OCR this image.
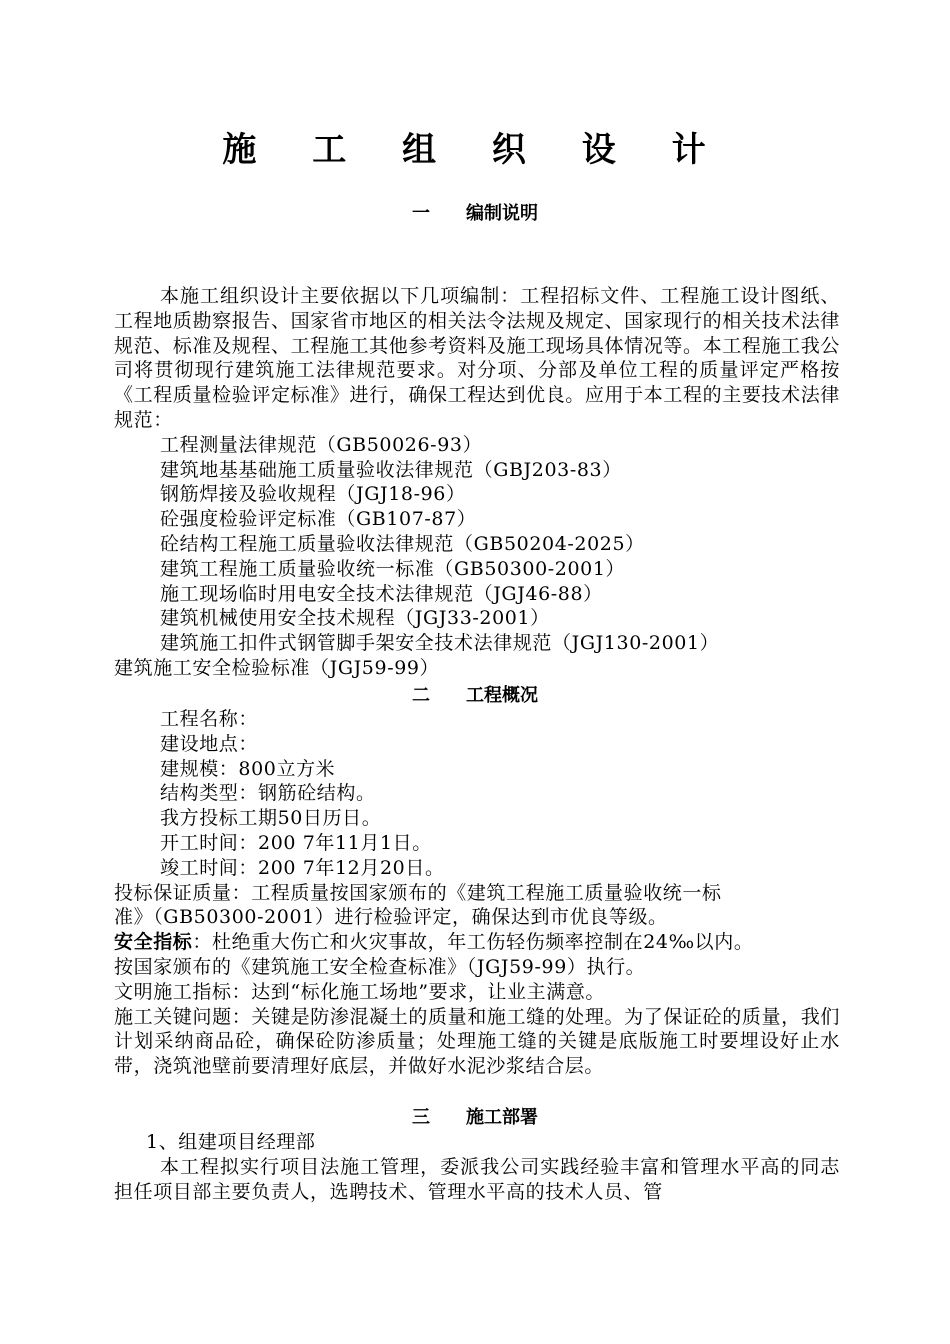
施 工 组 织 设 计
一 编制说明

本施工组织设计主要依据以下几项编制：工程招标文件、工程施工设计图纸、工程地质勘察报告、国家省市地区的相关法令法规及规定、国家现行的相关技术法律规范、标准及规程、工程施工其他参考资料及施工现场具体情况等。本工程施工我公司将贯彻现行建筑施工法律规范要求。对分项、分部及单位工程的质量评定严格按《工程质量检验评定标准》进行，确保工程达到优良。应用于本工程的主要技术法律规范：

工程测量法律规范（GB50026-93）
建筑地基基础施工质量验收法律规范（GBJ203-83）
钢筋焊接及验收规程（JGJ18-96）
砼强度检验评定标准（GB107-87）
砼结构工程施工质量验收法律规范（GB50204-2025）
建筑工程施工质量验收统一标准（GB50300-2001）
施工现场临时用电安全技术法律规范（JGJ46-88）
建筑机械使用安全技术规程（JGJ33-2001）
建筑施工扣件式钢管脚手架安全技术法律规范（JGJ130-2001）
建筑施工安全检验标准（JGJ59-99）
二 工程概况
工程名称：
建设地点：
建规模：800立方米
结构类型：钢筋砼结构。
我方投标工期50日历日。
开工时间：200 7年11月1日。
竣工时间：200 7年12月20日。
投标保证质量：工程质量按国家颁布的《建筑工程施工质量验收统一标
准》（GB50300-2001）进行检验评定，确保达到市优良等级。
安全指标：杜绝重大伤亡和火灾事故，年工伤轻伤频率控制在24‰以内。
按国家颁布的《建筑施工安全检查标准》（JGJ59-99）执行。
文明施工指标：达到“标化施工场地”要求，让业主满意。

施工关键问题：关键是防渗混凝土的质量和施工缝的处理。为了保证砼的质量，我们计划采纳商品砼，确保砼防渗质量；处理施工缝的关键是底版施工时要埋设好止水带，浇筑池壁前要清理好底层，并做好水泥沙浆结合层。

三 施工部署
1、组建项目经理部

本工程拟实行项目法施工管理，委派我公司实践经验丰富和管理水平高的同志担任项目部主要负责人，选聘技术、管理水平高的技术人员、管
